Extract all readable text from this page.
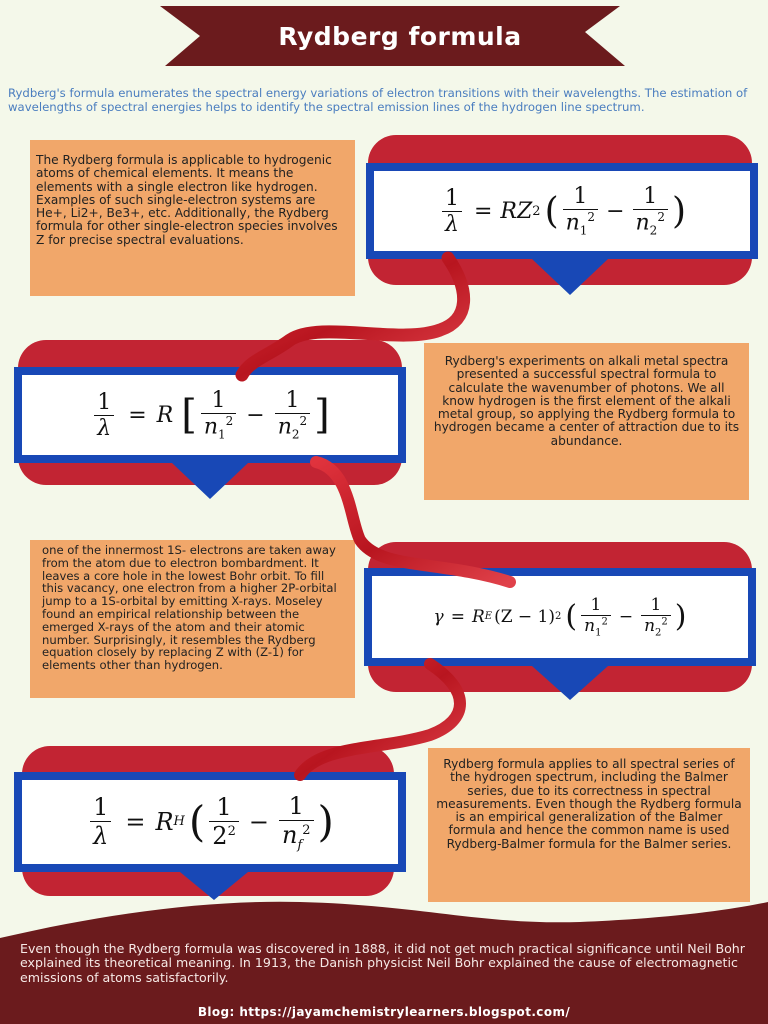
Rydberg formula
Rydberg's formula enumerates the spectral energy variations of electron transitions with their wavelengths. The estimation of wavelengths of spectral energies helps to identify the spectral emission lines of the hydrogen line spectrum.
The Rydberg formula is applicable to hydrogenic atoms of chemical elements. It means the elements with a single electron like hydrogen. Examples of such single-electron systems are He+, Li2+, Be3+, etc. Additionally, the Rydberg formula for other single-electron species involves Z for precise spectral evaluations.
$\frac{1}{\lambda}$ = RZ 2 ( $\frac{1}{n_1^2} - \frac{1}{n_2^2}$ )
$\frac{1}{\lambda} = R$ [ $\frac{1}{n_1^2} - \frac{1}{n_2^2}$ ]
Rydberg's experiments on alkali metal spectra presented a successful spectral formula to calculate the wavenumber of photons. We all know hydrogen is the first element of the alkali metal group, so applying the Rydberg formula to hydrogen became a center of attraction due to its abundance.
one of the innermost 1S- electrons are taken away from the atom due to electron bombardment. It leaves a core hole in the lowest Bohr orbit. To fill this vacancy, one electron from a higher 2P-orbital jump to a 1S-orbital by emitting X-rays. Moseley found an empirical relationship between the emerged X-rays of the atom and their atomic number. Surprisingly, it resembles the Rydberg equation closely by replacing Z with (Z-1) for elements other than hydrogen.
γ = R E (Z − 1) 2 ( $\frac{1}{n_1^2} - \frac{1}{n_2^2}$ )
$\frac{1}{\lambda} = R$ H ( $\frac{1}{2^2} - \frac{1}{n_f^2}$ )
Rydberg formula applies to all spectral series of the hydrogen spectrum, including the Balmer series, due to its correctness in spectral measurements. Even though the Rydberg formula is an empirical generalization of the Balmer formula and hence the common name is used Rydberg-Balmer formula for the Balmer series.
Even though the Rydberg formula was discovered in 1888, it did not get much practical significance until Neil Bohr explained its theoretical meaning. In 1913, the Danish physicist Neil Bohr explained the cause of electromagnetic emissions of atoms satisfactorily.
Blog: https://jayamchemistrylearners.blogspot.com/
